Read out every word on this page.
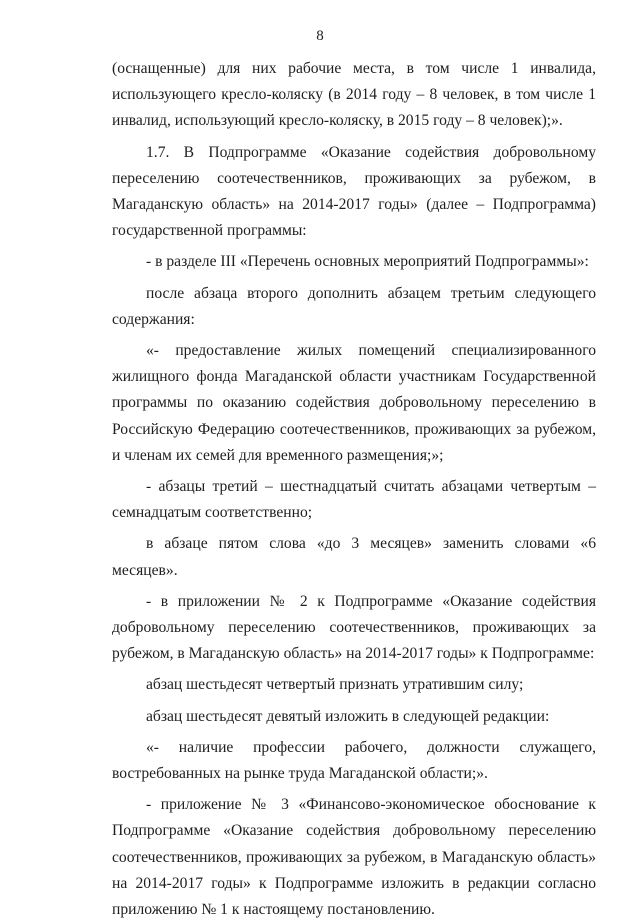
8

(оснащенные) для них рабочие места, в том числе 1 инвалида, использующего кресло-коляску (в 2014 году – 8 человек, в том числе 1 инвалид, использующий кресло-коляску, в 2015 году – 8 человек);».

1.7. В Подпрограмме «Оказание содействия добровольному переселению соотечественников, проживающих за рубежом, в Магаданскую область» на 2014-2017 годы» (далее – Подпрограмма) государственной программы:

- в разделе III «Перечень основных мероприятий Подпрограммы»:

после абзаца второго дополнить абзацем третьим следующего содержания:

«- предоставление жилых помещений специализированного жилищного фонда Магаданской области участникам Государственной программы по оказанию содействия добровольному переселению в Российскую Федерацию соотечественников, проживающих за рубежом, и членам их семей для временного размещения;»;

- абзацы третий – шестнадцатый считать абзацами четвертым – семнадцатым соответственно;

в абзаце пятом слова «до 3 месяцев» заменить словами «6 месяцев».

- в приложении № 2 к Подпрограмме «Оказание содействия добровольному переселению соотечественников, проживающих за рубежом, в Магаданскую область» на 2014-2017 годы» к Подпрограмме:

абзац шестьдесят четвертый признать утратившим силу;

абзац шестьдесят девятый изложить в следующей редакции:

«- наличие профессии рабочего, должности служащего, востребованных на рынке труда Магаданской области;».

- приложение № 3 «Финансово-экономическое обоснование к Подпрограмме «Оказание содействия добровольному переселению соотечественников, проживающих за рубежом, в Магаданскую область» на 2014-2017 годы» к Подпрограмме изложить в редакции согласно приложению № 1 к настоящему постановлению.
